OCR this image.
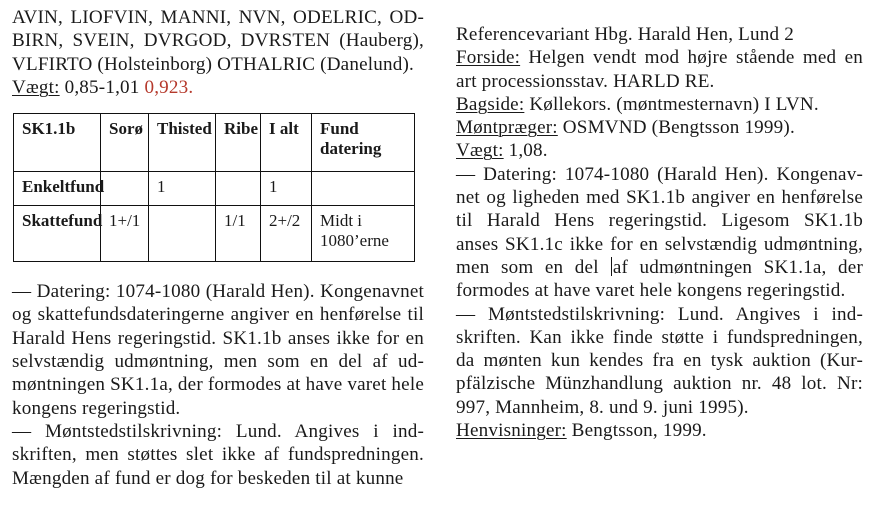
AVIN, LIOFVIN, MANNI, NVN, ODELRIC, OD-BIRN, SVEIN, DVRGOD, DVRSTEN (Hauberg), VLFIRTO (Holsteinborg) OTHALRIC (Danelund).

Vægt: 0,85-1,01 0,923.

SK1.1b	Sorø	Thisted	Ribe	I alt	Fund
datering
Enkeltfund		1		1	
Skattefund	1+/1		1/1	2+/2	Midt i
1080’erne

— Datering: 1074-1080 (Harald Hen). Kongenavnet og skattefundsdateringerne angiver en henførelse til Harald Hens regeringstid. SK1.1b anses ikke for en selvstændig udmøntning, men som en del af ud-møntningen SK1.1a, der formodes at have varet hele kongens regeringstid.

— Møntstedstilskrivning: Lund. Angives i ind-skriften, men støttes slet ikke af fundspredningen. Mængden af fund er dog for beskeden til at kunne

Referencevariant Hbg. Harald Hen, Lund 2

Forside: Helgen vendt mod højre stående med en art processionsstav. HARLD RE.

Bagside: Køllekors. (møntmesternavn) I LVN.

Møntpræger: OSMVND (Bengtsson 1999).

Vægt: 1,08.

— Datering: 1074-1080 (Harald Hen). Kongenav-net og ligheden med SK1.1b angiver en henførelse til Harald Hens regeringstid. Ligesom SK1.1b anses SK1.1c ikke for en selvstændig udmøntning, men som en del af udmøntningen SK1.1a, der formodes at have varet hele kongens regeringstid.

— Møntstedstilskrivning: Lund. Angives i ind-skriften. Kan ikke finde støtte i fundspredningen, da mønten kun kendes fra en tysk auktion (Kur-pfälzische Münzhandlung auktion nr. 48 lot. Nr: 997, Mannheim, 8. und 9. juni 1995).

Henvisninger: Bengtsson, 1999.
